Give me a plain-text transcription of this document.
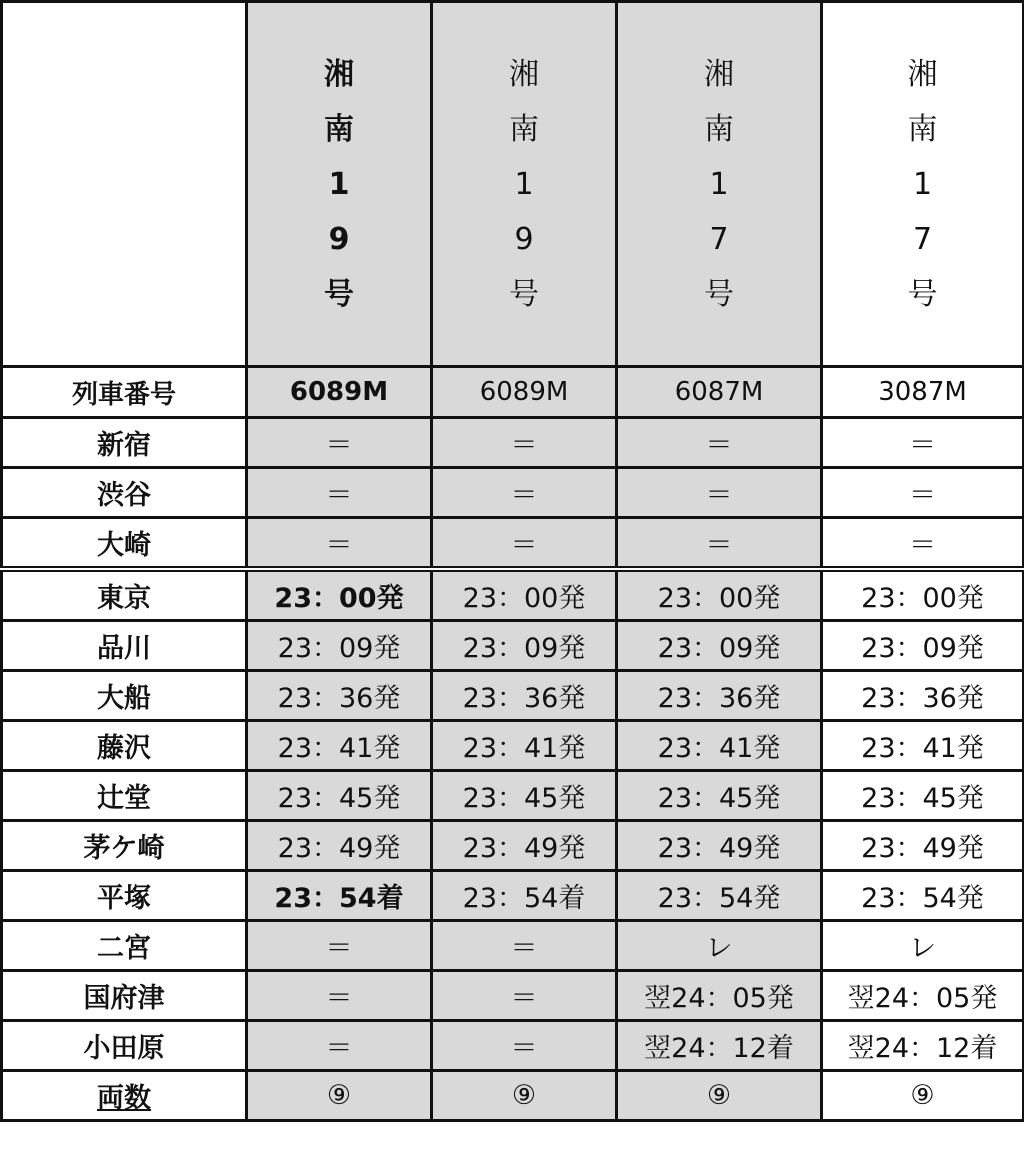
	湘
南
1
9
号	湘
南
1
9
号	湘
南
1
7
号	湘
南
1
7
号

列車番号	6089M	6089M	6087M	3087M
新宿	＝	＝	＝	＝
渋谷	＝	＝	＝	＝
大崎	＝	＝	＝	＝
東京	23：00発	23：00発	23：00発	23：00発
品川	23：09発	23：09発	23：09発	23：09発
大船	23：36発	23：36発	23：36発	23：36発
藤沢	23：41発	23：41発	23：41発	23：41発
辻堂	23：45発	23：45発	23：45発	23：45発
茅ケ崎	23：49発	23：49発	23：49発	23：49発
平塚	23：54着	23：54着	23：54発	23：54発
二宮	＝	＝	レ	レ
国府津	＝	＝	翌24：05発	翌24：05発
小田原	＝	＝	翌24：12着	翌24：12着
両数	⑨	⑨	⑨	⑨
